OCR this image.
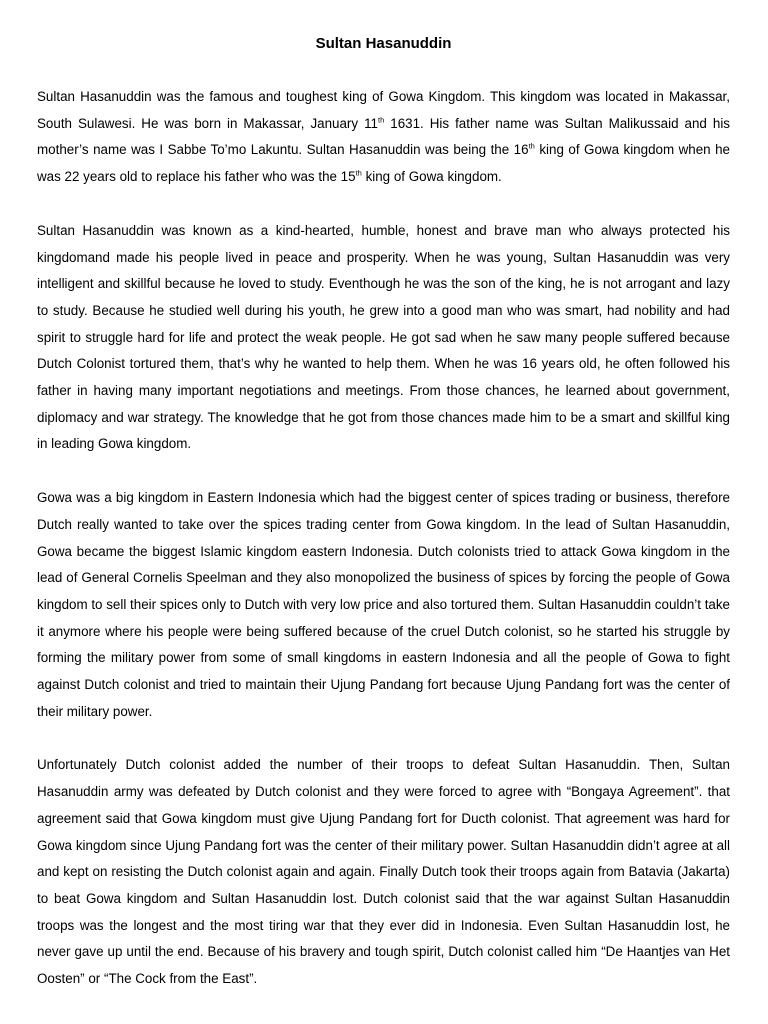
Sultan Hasanuddin

Sultan Hasanuddin was the famous and toughest king of Gowa Kingdom. This kingdom was located in Makassar, South Sulawesi. He was born in Makassar, January 11th 1631. His father name was Sultan Malikussaid and his mother’s name was I Sabbe To’mo Lakuntu. Sultan Hasanuddin was being the 16th king of Gowa kingdom when he was 22 years old to replace his father who was the 15th king of Gowa kingdom.

Sultan Hasanuddin was known as a kind-hearted, humble, honest and brave man who always protected his kingdomand made his people lived in peace and prosperity. When he was young, Sultan Hasanuddin was very intelligent and skillful because he loved to study. Eventhough he was the son of the king, he is not arrogant and lazy to study. Because he studied well during his youth, he grew into a good man who was smart, had nobility and had spirit to struggle hard for life and protect the weak people. He got sad when he saw many people suffered because Dutch Colonist tortured them, that’s why he wanted to help them. When he was 16 years old, he often followed his father in having many important negotiations and meetings. From those chances, he learned about government, diplomacy and war strategy. The knowledge that he got from those chances made him to be a smart and skillful king in leading Gowa kingdom.

Gowa was a big kingdom in Eastern Indonesia which had the biggest center of spices trading or business, therefore Dutch really wanted to take over the spices trading center from Gowa kingdom. In the lead of Sultan Hasanuddin, Gowa became the biggest Islamic kingdom eastern Indonesia. Dutch colonists tried to attack Gowa kingdom in the lead of General Cornelis Speelman and they also monopolized the business of spices by forcing the people of Gowa kingdom to sell their spices only to Dutch with very low price and also tortured them. Sultan Hasanuddin couldn’t take it anymore where his people were being suffered because of the cruel Dutch colonist, so he started his struggle by forming the military power from some of small kingdoms in eastern Indonesia and all the people of Gowa to fight against Dutch colonist and tried to maintain their Ujung Pandang fort because Ujung Pandang fort was the center of their military power.

Unfortunately Dutch colonist added the number of their troops to defeat Sultan Hasanuddin. Then, Sultan Hasanuddin army was defeated by Dutch colonist and they were forced to agree with “Bongaya Agreement”. that agreement said that Gowa kingdom must give Ujung Pandang fort for Ducth colonist. That agreement was hard for Gowa kingdom since Ujung Pandang fort was the center of their military power. Sultan Hasanuddin didn’t agree at all and kept on resisting the Dutch colonist again and again. Finally Dutch took their troops again from Batavia (Jakarta) to beat Gowa kingdom and Sultan Hasanuddin lost. Dutch colonist said that the war against Sultan Hasanuddin troops was the longest and the most tiring war that they ever did in Indonesia. Even Sultan Hasanuddin lost, he never gave up until the end. Because of his bravery and tough spirit, Dutch colonist called him “De Haantjes van Het Oosten” or “The Cock from the East”.
